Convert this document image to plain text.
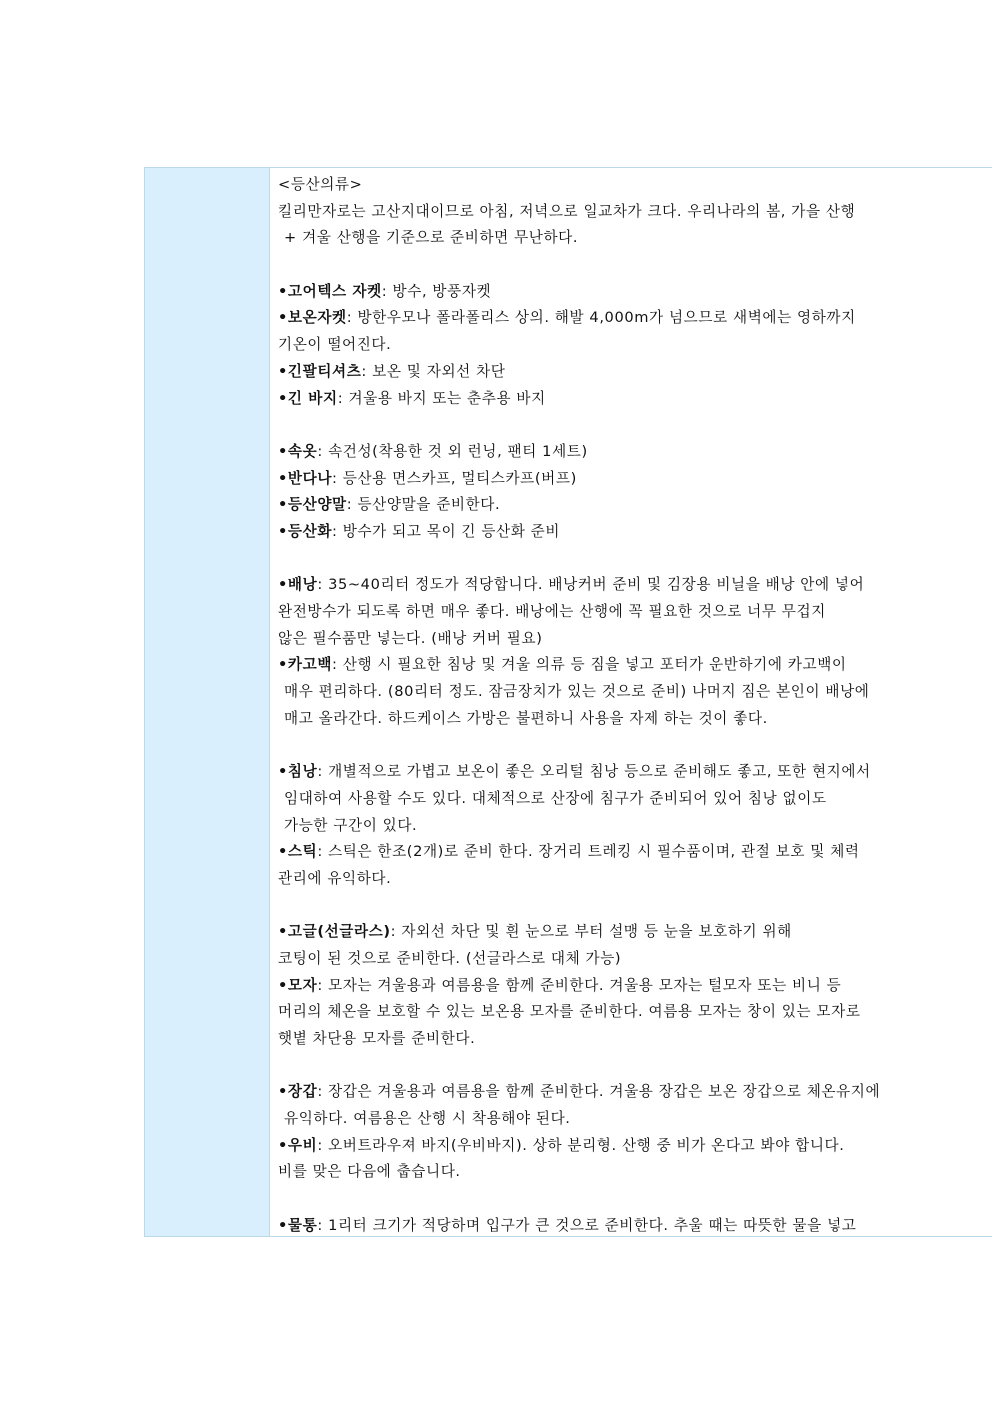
<등산의류>
킬리만자로는 고산지대이므로 아침, 저녁으로 일교차가 크다. 우리나라의 봄, 가을 산행
+ 겨울 산행을 기준으로 준비하면 무난하다.
•고어텍스 자켓: 방수, 방풍자켓
•보온자켓: 방한우모나 폴라폴리스 상의. 해발 4,000m가 넘으므로 새벽에는 영하까지
기온이 떨어진다.
•긴팔티셔츠: 보온 및 자외선 차단
•긴 바지: 겨울용 바지 또는 춘추용 바지
•속옷: 속건성(착용한 것 외 런닝, 팬티 1세트)
•반다나: 등산용 면스카프, 멀티스카프(버프)
•등산양말: 등산양말을 준비한다.
•등산화: 방수가 되고 목이 긴 등산화 준비
•배낭: 35~40리터 정도가 적당합니다. 배낭커버 준비 및 김장용 비닐을 배낭 안에 넣어
완전방수가 되도록 하면 매우 좋다. 배낭에는 산행에 꼭 필요한 것으로 너무 무겁지
않은 필수품만 넣는다. (배낭 커버 필요)
•카고백: 산행 시 필요한 침낭 및 겨울 의류 등 짐을 넣고 포터가 운반하기에 카고백이
매우 편리하다. (80리터 정도. 잠금장치가 있는 것으로 준비) 나머지 짐은 본인이 배낭에
매고 올라간다. 하드케이스 가방은 불편하니 사용을 자제 하는 것이 좋다.
•침낭: 개별적으로 가볍고 보온이 좋은 오리털 침낭 등으로 준비해도 좋고, 또한 현지에서
임대하여 사용할 수도 있다. 대체적으로 산장에 침구가 준비되어 있어 침낭 없이도
가능한 구간이 있다.
•스틱: 스틱은 한조(2개)로 준비 한다. 장거리 트레킹 시 필수품이며, 관절 보호 및 체력
관리에 유익하다.
•고글(선글라스): 자외선 차단 및 흰 눈으로 부터 설맹 등 눈을 보호하기 위해
코팅이 된 것으로 준비한다. (선글라스로 대체 가능)
•모자: 모자는 겨울용과 여름용을 함께 준비한다. 겨울용 모자는 털모자 또는 비니 등
머리의 체온을 보호할 수 있는 보온용 모자를 준비한다. 여름용 모자는 창이 있는 모자로
햇볕 차단용 모자를 준비한다.
•장갑: 장갑은 겨울용과 여름용을 함께 준비한다. 겨울용 장갑은 보온 장갑으로 체온유지에
유익하다. 여름용은 산행 시 착용해야 된다.
•우비: 오버트라우져 바지(우비바지). 상하 분리형. 산행 중 비가 온다고 봐야 합니다.
비를 맞은 다음에 춥습니다.
•물통: 1리터 크기가 적당하며 입구가 큰 것으로 준비한다. 추울 때는 따뜻한 물을 넣고
